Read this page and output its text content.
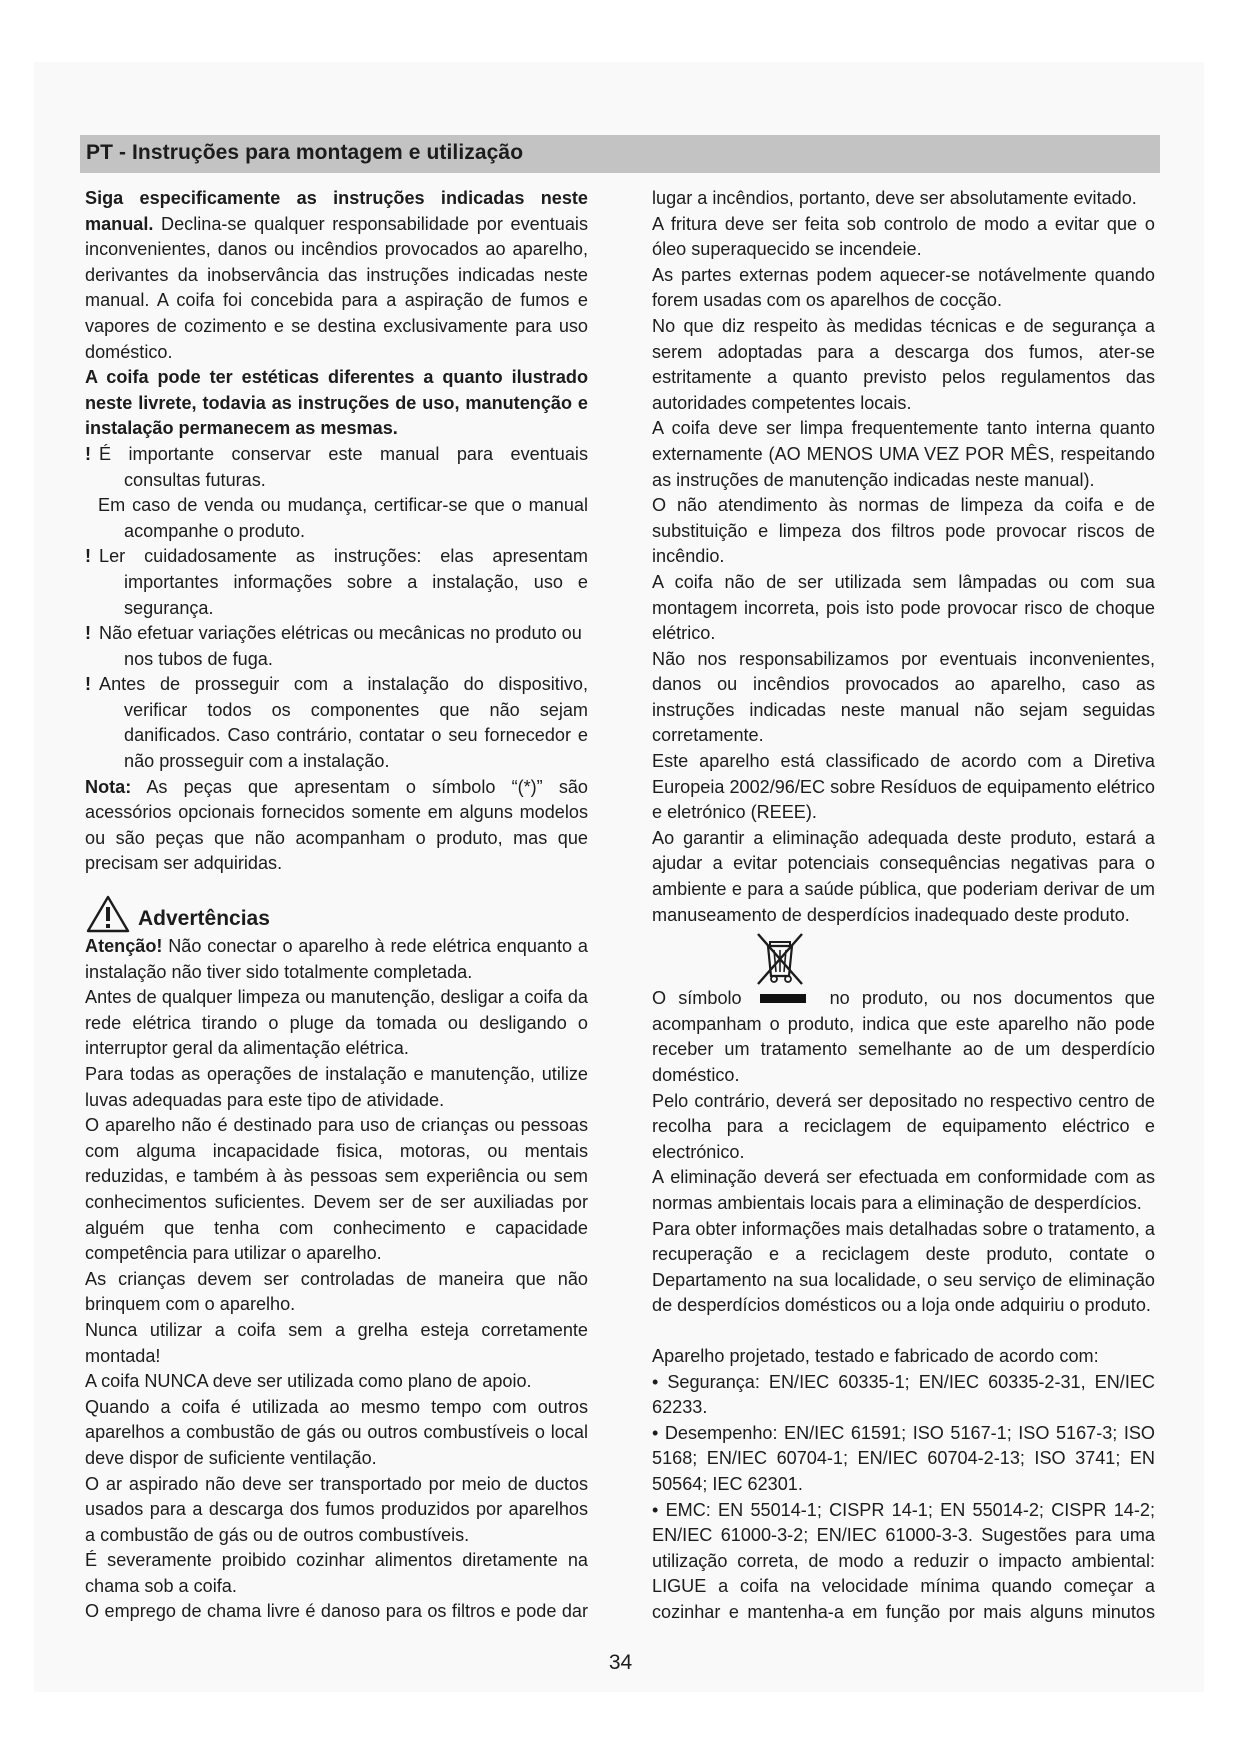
PT - Instruções para montagem e utilização

Siga especificamente as instruções indicadas neste manual. Declina-se qualquer responsabilidade por eventuais inconvenientes, danos ou incêndios provocados ao aparelho, derivantes da inobservância das instruções indicadas neste manual. A coifa foi concebida para a aspiração de fumos e vapores de cozimento e se destina exclusivamente para uso doméstico.

A coifa pode ter estéticas diferentes a quanto ilustrado neste livrete, todavia as instruções de uso, manutenção e instalação permanecem as mesmas.

! É importante conservar este manual para eventuais consultas futuras.

Em caso de venda ou mudança, certificar-se que o manual acompanhe o produto.

! Ler cuidadosamente as instruções: elas apresentam importantes informações sobre a instalação, uso e segurança.

! Não efetuar variações elétricas ou mecânicas no produto ou nos tubos de fuga.

! Antes de prosseguir com a instalação do dispositivo, verificar todos os componentes que não sejam danificados. Caso contrário, contatar o seu fornecedor e não prosseguir com a instalação.

Nota: As peças que apresentam o símbolo “(*)” são acessórios opcionais fornecidos somente em alguns modelos ou são peças que não acompanham o produto, mas que precisam ser adquiridas.

Advertências

Atenção! Não conectar o aparelho à rede elétrica enquanto a instalação não tiver sido totalmente completada.

Antes de qualquer limpeza ou manutenção, desligar a coifa da rede elétrica tirando o pluge da tomada ou desligando o interruptor geral da alimentação elétrica.

Para todas as operações de instalação e manutenção, utilize luvas adequadas para este tipo de atividade.

O aparelho não é destinado para uso de crianças ou pessoas com alguma incapacidade fisica, motoras, ou mentais reduzidas, e também à às pessoas sem experiência ou sem conhecimentos suficientes. Devem ser de ser auxiliadas por alguém que tenha com conhecimento e capacidade competência para utilizar o aparelho.

As crianças devem ser controladas de maneira que não brinquem com o aparelho.

Nunca utilizar a coifa sem a grelha esteja corretamente montada!

A coifa NUNCA deve ser utilizada como plano de apoio.

Quando a coifa é utilizada ao mesmo tempo com outros aparelhos a combustão de gás ou outros combustíveis o local deve dispor de suficiente ventilação.

O ar aspirado não deve ser transportado por meio de ductos usados para a descarga dos fumos produzidos por aparelhos a combustão de gás ou de outros combustíveis.

É severamente proibido cozinhar alimentos diretamente na chama sob a coifa.

O emprego de chama livre é danoso para os filtros e pode dar

lugar a incêndios, portanto, deve ser absolutamente evitado.

A fritura deve ser feita sob controlo de modo a evitar que o óleo superaquecido se incendeie.

As partes externas podem aquecer-se notávelmente quando forem usadas com os aparelhos de cocção.

No que diz respeito às medidas técnicas e de segurança a serem adoptadas para a descarga dos fumos, ater-se estritamente a quanto previsto pelos regulamentos das autoridades competentes locais.

A coifa deve ser limpa frequentemente tanto interna quanto externamente (AO MENOS UMA VEZ POR MÊS, respeitando as instruções de manutenção indicadas neste manual).

O não atendimento às normas de limpeza da coifa e de substituição e limpeza dos filtros pode provocar riscos de incêndio.

A coifa não de ser utilizada sem lâmpadas ou com sua montagem incorreta, pois isto pode provocar risco de choque elétrico.

Não nos responsabilizamos por eventuais inconvenientes, danos ou incêndios provocados ao aparelho, caso as instruções indicadas neste manual não sejam seguidas corretamente.

Este aparelho está classificado de acordo com a Diretiva Europeia 2002/96/EC sobre Resíduos de equipamento elétrico e eletrónico (REEE).

Ao garantir a eliminação adequada deste produto, estará a ajudar a evitar potenciais consequências negativas para o ambiente e para a saúde pública, que poderiam derivar de um manuseamento de desperdícios inadequado deste produto.

O símbolo	no produto, ou nos documentos que acompanham o produto, indica que este aparelho não pode receber um tratamento semelhante ao de um desperdício doméstico.

Pelo contrário, deverá ser depositado no respectivo centro de recolha para a reciclagem de equipamento eléctrico e electrónico.

A eliminação deverá ser efectuada em conformidade com as normas ambientais locais para a eliminação de desperdícios.

Para obter informações mais detalhadas sobre o tratamento, a recuperação e a reciclagem deste produto, contate o Departamento na sua localidade, o seu serviço de eliminação de desperdícios domésticos ou a loja onde adquiriu o produto.

Aparelho projetado, testado e fabricado de acordo com:

• Segurança: EN/IEC 60335-1; EN/IEC 60335-2-31, EN/IEC 62233.

• Desempenho: EN/IEC 61591; ISO 5167-1; ISO 5167-3; ISO 5168; EN/IEC 60704-1; EN/IEC 60704-2-13; ISO 3741; EN 50564; IEC 62301.

• EMC: EN 55014-1; CISPR 14-1; EN 55014-2; CISPR 14-2; EN/IEC 61000-3-2; EN/IEC 61000-3-3. Sugestões para uma utilização correta, de modo a reduzir o impacto ambiental: LIGUE a coifa na velocidade mínima quando começar a cozinhar e mantenha-a em função por mais alguns minutos

34
